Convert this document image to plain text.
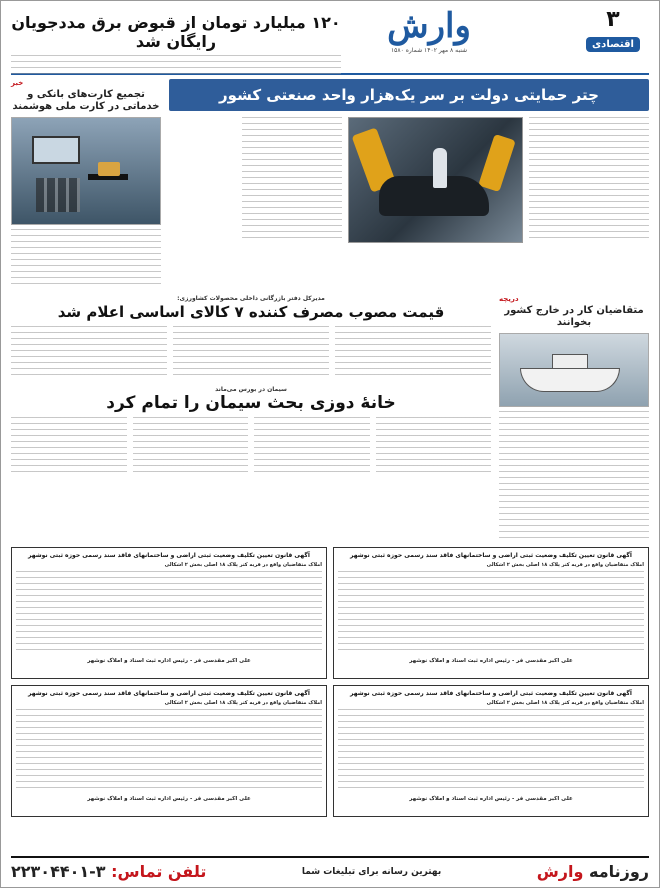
۳
اقتصادی
وارش
شنبه ۸ مهر ۱۴۰۲ شماره ۱۵۸۰
۱۲۰ میلیارد تومان از قبوض برق مددجویان رایگان شد
چتر حمایتی دولت بر سر یک‌هزار واحد صنعتی کشور
خبر
تجمیع کارت‌های بانکی و خدماتی در کارت ملی هوشمند
دریچه
متقاضیان کار در خارج کشور بخوانند
مدیرکل دفتر بازرگانی داخلی محصولات کشاورزی:
قیمت مصوب مصرف کننده ۷ کالای اساسی اعلام شد
سیمان در بورس می‌ماند
خانهٔ دوزی بحث سیمان را تمام کرد
آگهی قانون تعیین تکلیف وضعیت ثبتی اراضی و ساختمانهای فاقد سند رسمی حوزه ثبتی نوشهر
املاک متقاضیان واقع در قریه کتر پلاک ۱۸ اصلی بخش ۲ اشکالی
علی اکبر مقدسی فر - رئیس اداره ثبت اسناد و املاک نوشهر
آگهی قانون تعیین تکلیف وضعیت ثبتی اراضی و ساختمانهای فاقد سند رسمی حوزه ثبتی نوشهر
املاک متقاضیان واقع در قریه کتر پلاک ۱۸ اصلی بخش ۲ اشکالی
علی اکبر مقدسی فر - رئیس اداره ثبت اسناد و املاک نوشهر
آگهی قانون تعیین تکلیف وضعیت ثبتی اراضی و ساختمانهای فاقد سند رسمی حوزه ثبتی نوشهر
املاک متقاضیان واقع در قریه کتر پلاک ۱۸ اصلی بخش ۲ اشکالی
علی اکبر مقدسی فر - رئیس اداره ثبت اسناد و املاک نوشهر
آگهی قانون تعیین تکلیف وضعیت ثبتی اراضی و ساختمانهای فاقد سند رسمی حوزه ثبتی نوشهر
املاک متقاضیان واقع در قریه کتر پلاک ۱۸ اصلی بخش ۲ اشکالی
علی اکبر مقدسی فر - رئیس اداره ثبت اسناد و املاک نوشهر
روزنامه وارش
بهترین رسانه برای تبلیغات شما
تلفن تماس: ۳-۲۲۳۰۴۴۰۱
